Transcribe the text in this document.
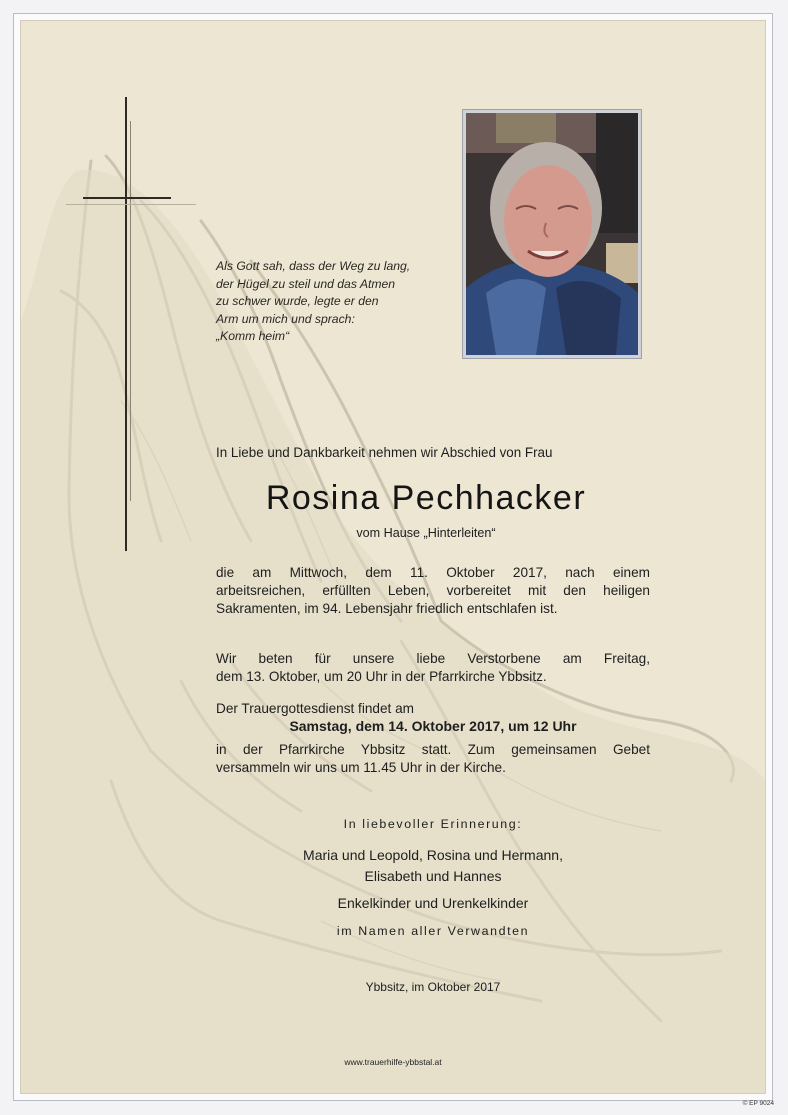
Als Gott sah, dass der Weg zu lang,
der Hügel zu steil und das Atmen
zu schwer wurde, legte er den
Arm um mich und sprach:
„Komm heim“
In Liebe und Dankbarkeit nehmen wir Abschied von Frau
Rosina Pechhacker
vom Hause „Hinterleiten“
die am Mittwoch, dem 11. Oktober 2017, nach einem
arbeitsreichen, erfüllten Leben, vorbereitet mit den heiligen
Sakramenten, im 94. Lebensjahr friedlich entschlafen ist.
Wir beten für unsere liebe Verstorbene am Freitag,
dem 13. Oktober, um 20 Uhr in der Pfarrkirche Ybbsitz.
Der Trauergottesdienst findet am
Samstag, dem 14. Oktober 2017, um 12 Uhr
in der Pfarrkirche Ybbsitz statt. Zum gemeinsamen Gebet
versammeln wir uns um 11.45 Uhr in der Kirche.
In liebevoller Erinnerung:
Maria und Leopold, Rosina und Hermann,
Elisabeth und Hannes
Enkelkinder und Urenkelkinder
im Namen aller Verwandten
Ybbsitz, im Oktober 2017
www.trauerhilfe-ybbstal.at
© EP 9024
